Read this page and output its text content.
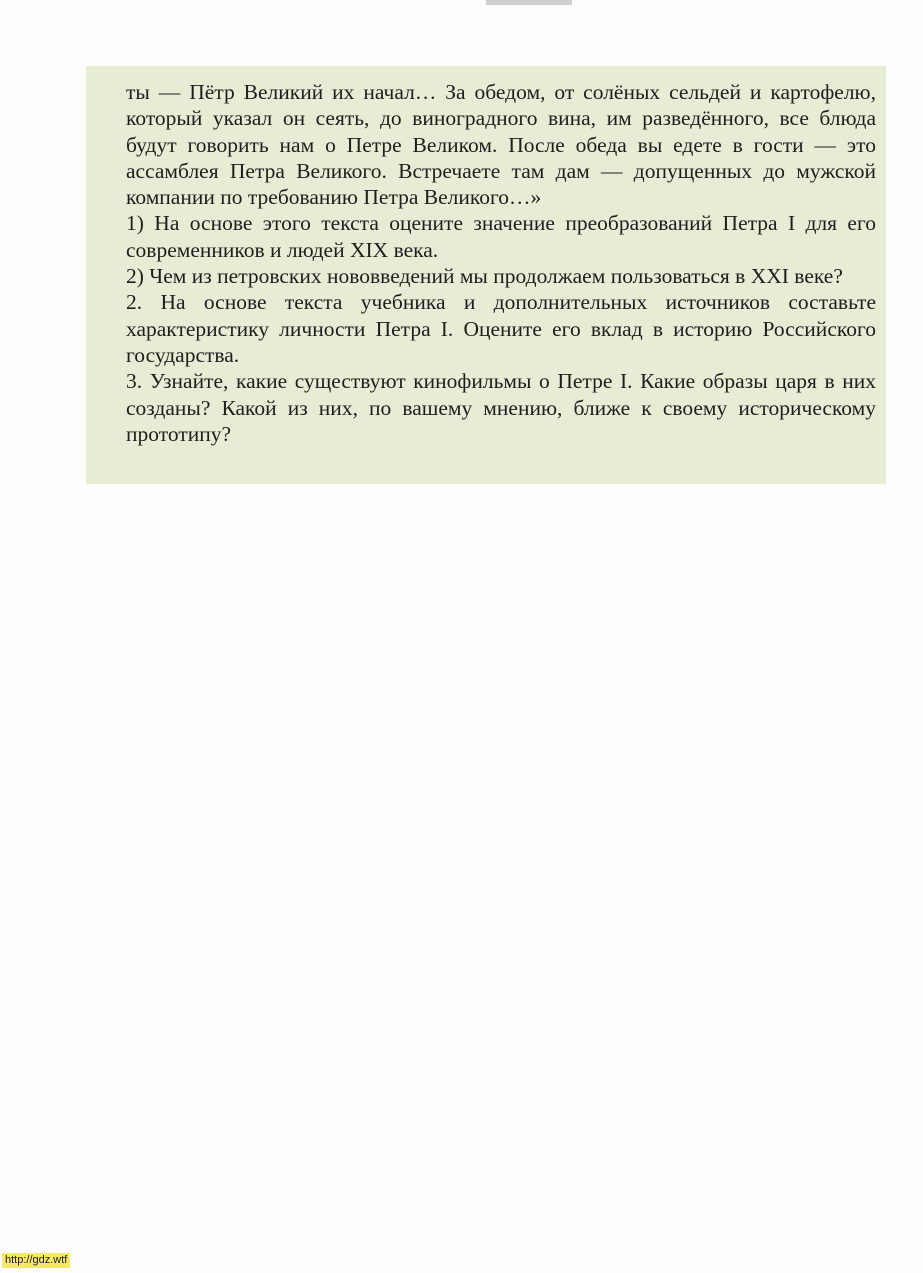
ты — Пётр Великий их начал… За обедом, от солёных сельдей и картофелю, который указал он сеять, до виноградного вина, им разведённого, все блюда будут говорить нам о Петре Великом. После обеда вы едете в гости — это ассамблея Петра Великого. Встречаете там дам — допущенных до мужской компании по требованию Петра Великого…»

1) На основе этого текста оцените значение преобразований Петра I для его современников и людей XIX века.

2) Чем из петровских нововведений мы продолжаем пользоваться в XXI веке?

2. На основе текста учебника и дополнительных источников составьте характеристику личности Петра I. Оцените его вклад в историю Российского государства.

3. Узнайте, какие существуют кинофильмы о Петре I. Какие образы царя в них созданы? Какой из них, по вашему мнению, ближе к своему историческому прототипу?

http://gdz.wtf
